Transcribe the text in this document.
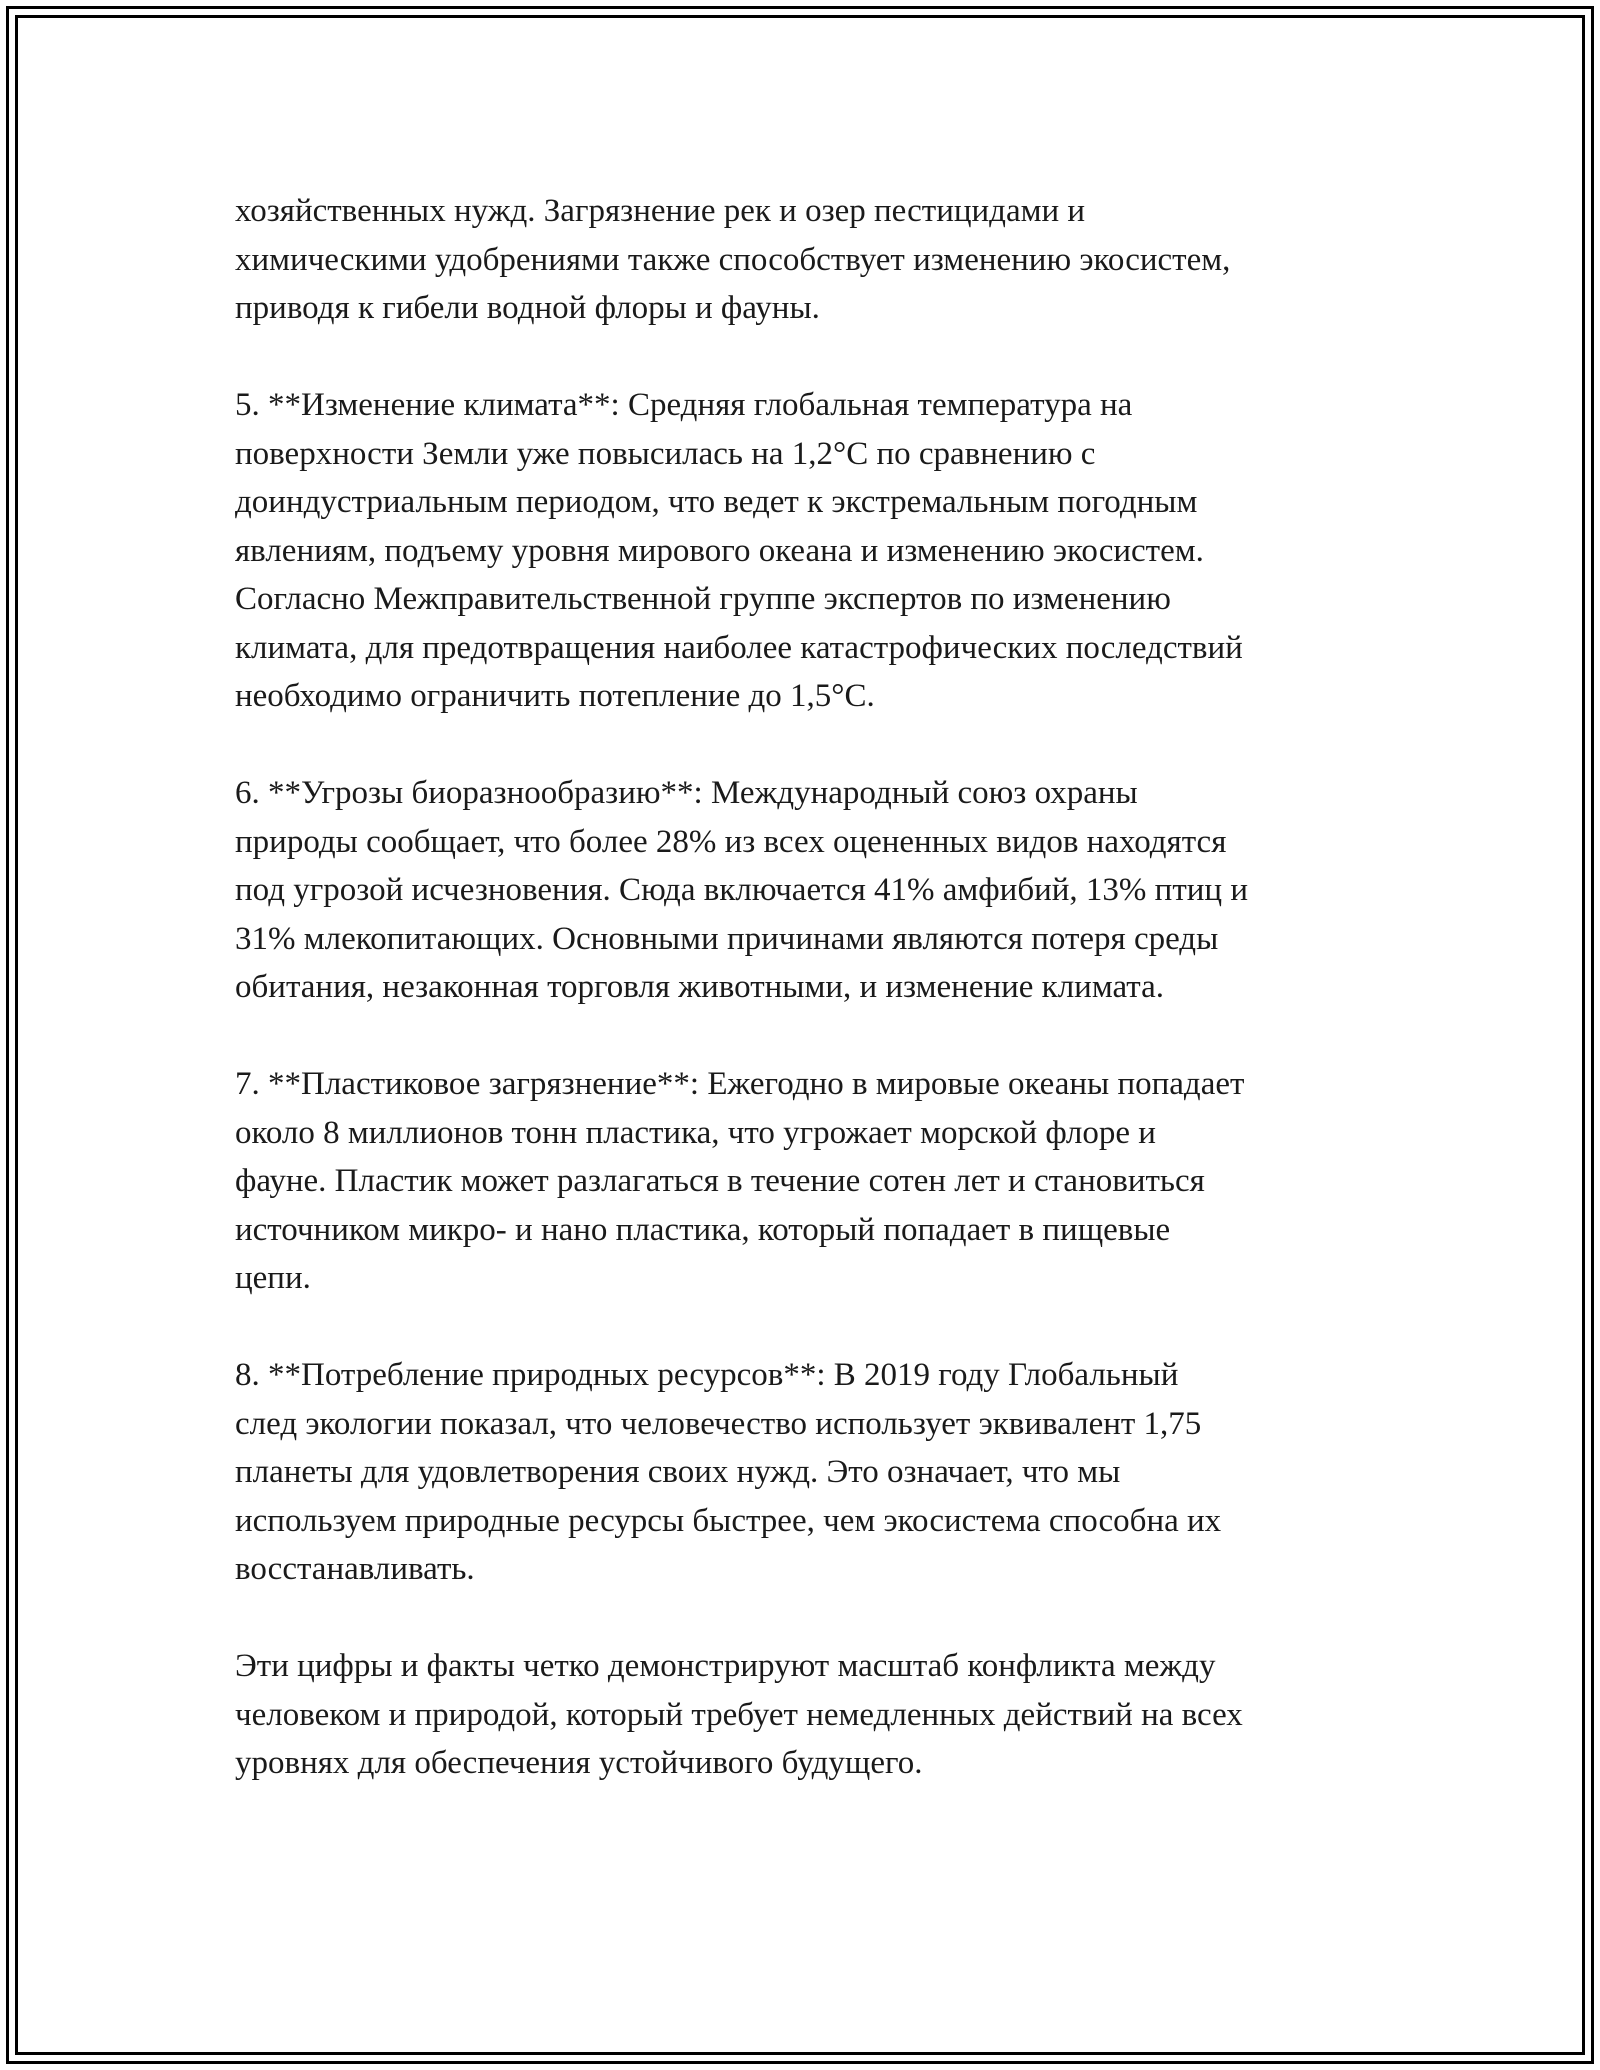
хозяйственных нужд. Загрязнение рек и озер пестицидами и
химическими удобрениями также способствует изменению экосистем,
приводя к гибели водной флоры и фауны.

5. **Изменение климата**: Средняя глобальная температура на
поверхности Земли уже повысилась на 1,2°C по сравнению с
доиндустриальным периодом, что ведет к экстремальным погодным
явлениям, подъему уровня мирового океана и изменению экосистем.
Согласно Межправительственной группе экспертов по изменению
климата, для предотвращения наиболее катастрофических последствий
необходимо ограничить потепление до 1,5°C.

6. **Угрозы биоразнообразию**: Международный союз охраны
природы сообщает, что более 28% из всех оцененных видов находятся
под угрозой исчезновения. Сюда включается 41% амфибий, 13% птиц и
31% млекопитающих. Основными причинами являются потеря среды
обитания, незаконная торговля животными, и изменение климата.

7. **Пластиковое загрязнение**: Ежегодно в мировые океаны попадает
около 8 миллионов тонн пластика, что угрожает морской флоре и
фауне. Пластик может разлагаться в течение сотен лет и становиться
источником микро- и нано пластика, который попадает в пищевые
цепи.

8. **Потребление природных ресурсов**: В 2019 году Глобальный
след экологии показал, что человечество использует эквивалент 1,75
планеты для удовлетворения своих нужд. Это означает, что мы
используем природные ресурсы быстрее, чем экосистема способна их
восстанавливать.

Эти цифры и факты четко демонстрируют масштаб конфликта между
человеком и природой, который требует немедленных действий на всех
уровнях для обеспечения устойчивого будущего.
